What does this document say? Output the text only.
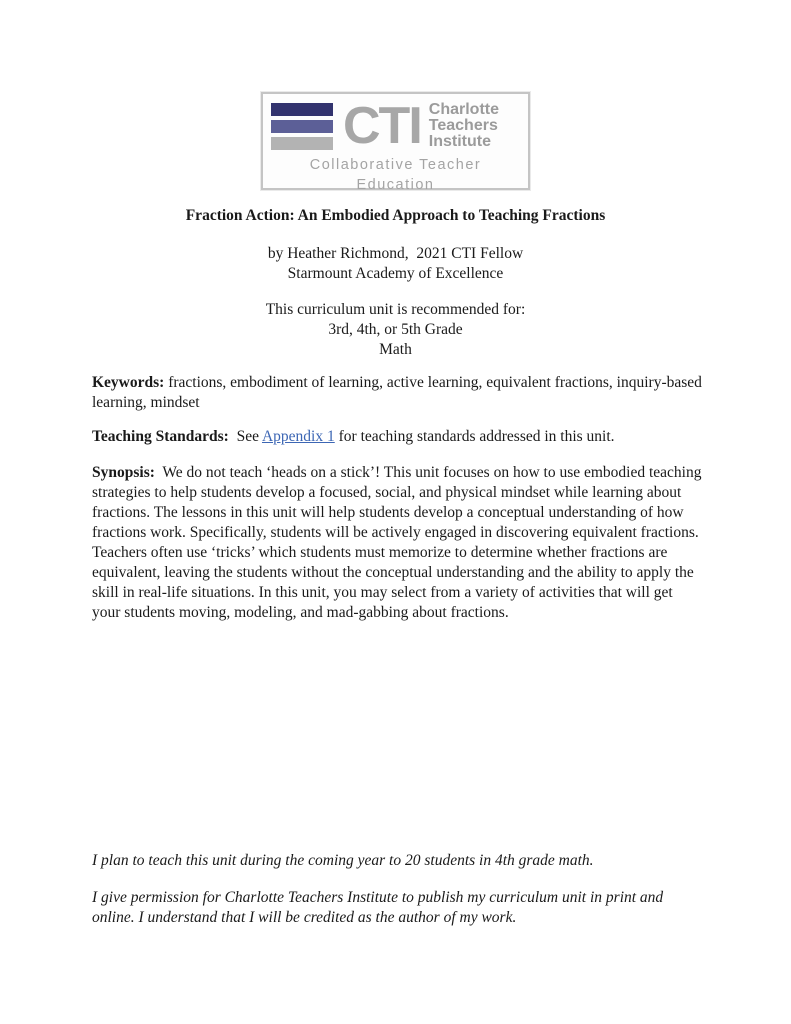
CTI Charlotte
Teachers
Institute
Collaborative Teacher Education
Fraction Action: An Embodied Approach to Teaching Fractions
by Heather Richmond,  2021 CTI Fellow
Starmount Academy of Excellence
This curriculum unit is recommended for:
3rd, 4th, or 5th Grade
Math
Keywords: fractions, embodiment of learning, active learning, equivalent fractions, inquiry-based learning, mindset
Teaching Standards:  See Appendix 1 for teaching standards addressed in this unit.
Synopsis:  We do not teach ‘heads on a stick’! This unit focuses on how to use embodied teaching strategies to help students develop a focused, social, and physical mindset while learning about fractions. The lessons in this unit will help students develop a conceptual understanding of how fractions work. Specifically, students will be actively engaged in discovering equivalent fractions. Teachers often use ‘tricks’ which students must memorize to determine whether fractions are equivalent, leaving the students without the conceptual understanding and the ability to apply the skill in real-life situations. In this unit, you may select from a variety of activities that will get your students moving, modeling, and mad-gabbing about fractions.
I plan to teach this unit during the coming year to 20 students in 4th grade math.
I give permission for Charlotte Teachers Institute to publish my curriculum unit in print and online. I understand that I will be credited as the author of my work.
